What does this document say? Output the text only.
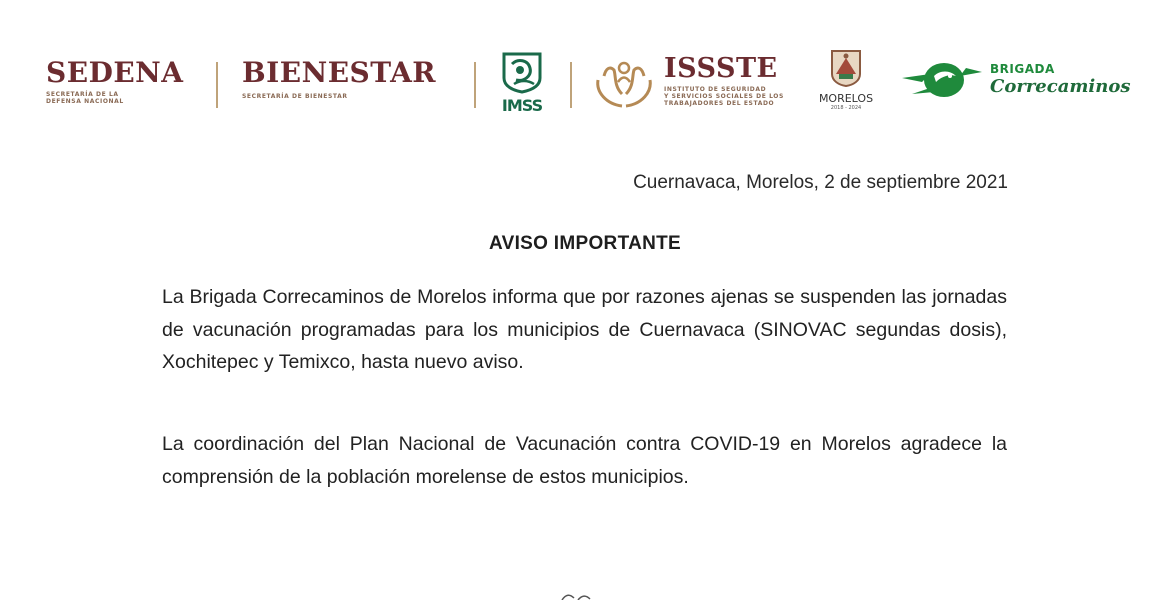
SEDENA
SECRETARÍA DE LA
DEFENSA NACIONAL
BIENESTAR
SECRETARÍA DE BIENESTAR	IMSS
ISSSTE
INSTITUTO DE SEGURIDAD
Y SERVICIOS SOCIALES DE LOS
TRABAJADORES DEL ESTADO	MORELOS
2018 - 2024
BRIGADA
Correcaminos
Cuernavaca, Morelos, 2 de septiembre 2021
AVISO IMPORTANTE
La Brigada Correcaminos de Morelos informa que por razones ajenas se suspenden las jornadas de vacunación programadas para los municipios de Cuernavaca (SINOVAC segundas dosis), Xochitepec y Temixco, hasta nuevo aviso.
La coordinación del Plan Nacional de Vacunación contra COVID-19 en Morelos agradece la comprensión de la población morelense de estos municipios.
